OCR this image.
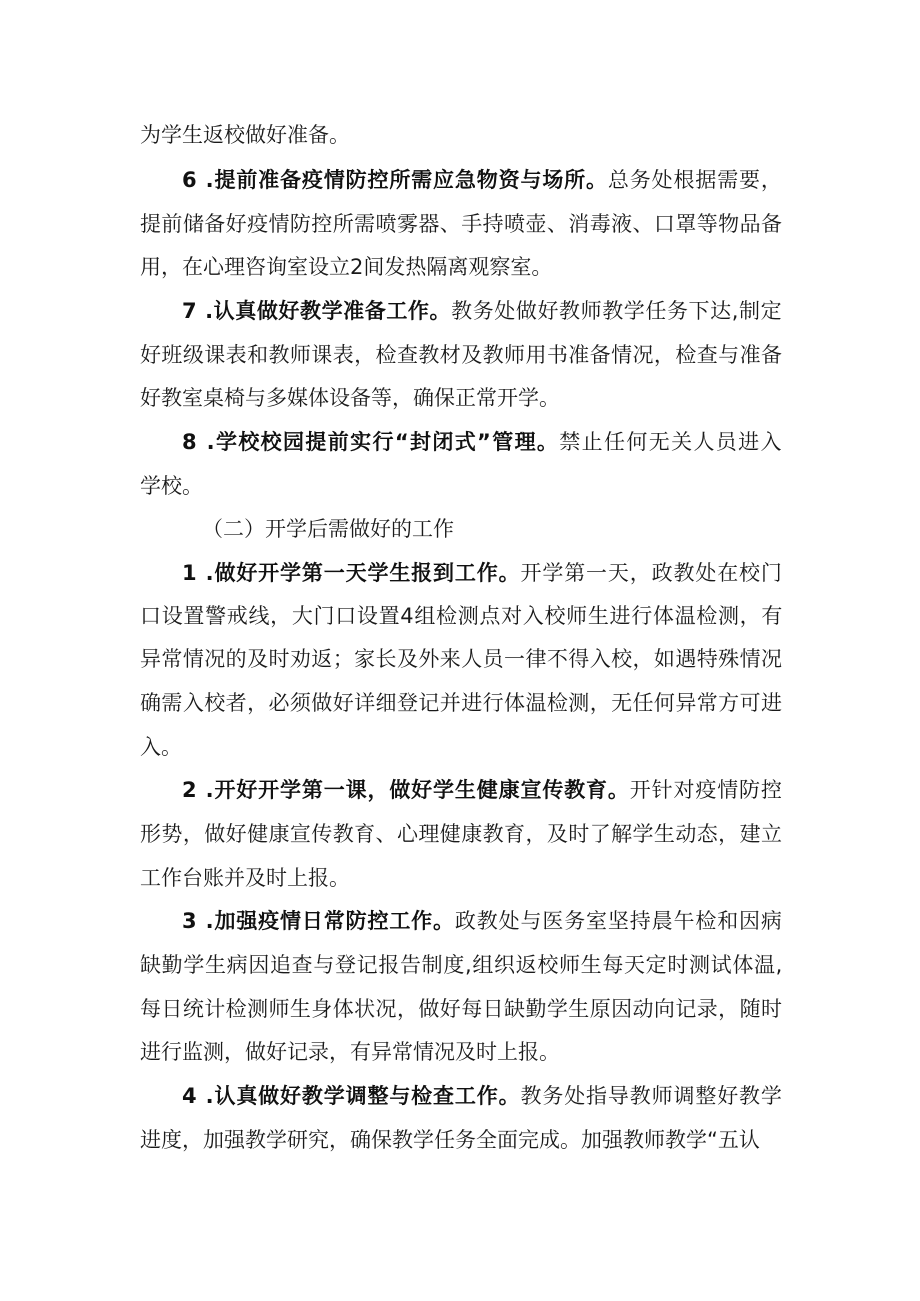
为学生返校做好准备。
6 .提前准备疫情防控所需应急物资与场所。总务处根据需要，
提前储备好疫情防控所需喷雾器、手持喷壶、消毒液、口罩等物品备
用，在心理咨询室设立2间发热隔离观察室。
7 .认真做好教学准备工作。教务处做好教师教学任务下达,制定
好班级课表和教师课表，检查教材及教师用书准备情况，检查与准备
好教室桌椅与多媒体设备等，确保正常开学。
8 .学校校园提前实行“封闭式”管理。禁止任何无关人员进入
学校。
（二）开学后需做好的工作
1 .做好开学第一天学生报到工作。开学第一天，政教处在校门
口设置警戒线，大门口设置4组检测点对入校师生进行体温检测，有
异常情况的及时劝返；家长及外来人员一律不得入校，如遇特殊情况
确需入校者，必须做好详细登记并进行体温检测，无任何异常方可进
入。
2 .开好开学第一课，做好学生健康宣传教育。开针对疫情防控
形势，做好健康宣传教育、心理健康教育，及时了解学生动态，建立
工作台账并及时上报。
3 .加强疫情日常防控工作。政教处与医务室坚持晨午检和因病
缺勤学生病因追查与登记报告制度,组织返校师生每天定时测试体温,
每日统计检测师生身体状况，做好每日缺勤学生原因动向记录，随时
进行监测，做好记录，有异常情况及时上报。
4 .认真做好教学调整与检查工作。教务处指导教师调整好教学
进度，加强教学研究，确保教学任务全面完成。加强教师教学“五认
